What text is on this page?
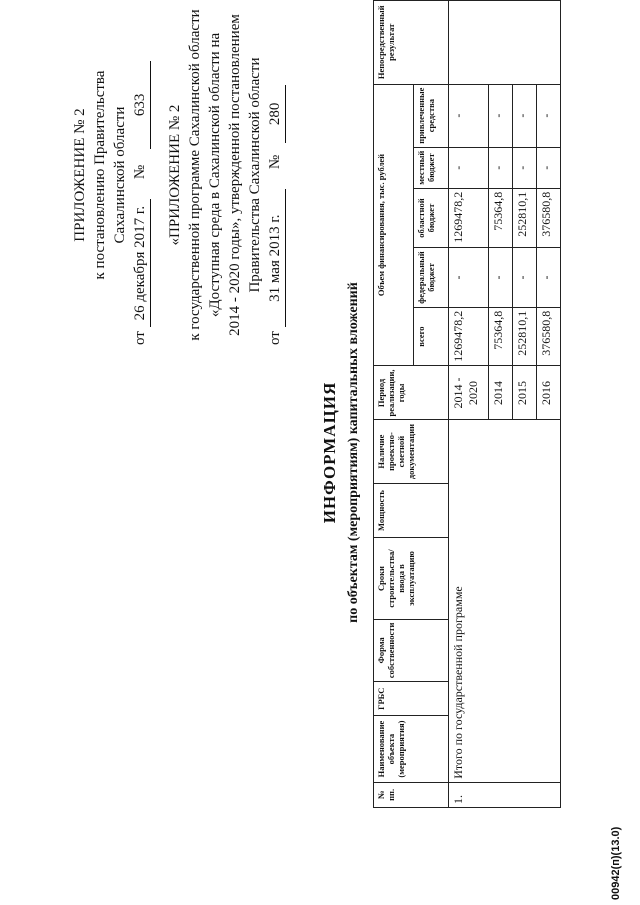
ПРИЛОЖЕНИЕ № 2 к постановлению Правительства Сахалинской области
от
26 декабря 2017 г.
№
633 «ПРИЛОЖЕНИЕ № 2 к государственной программе Сахалинской области «Доступная среда в Сахалинской области на 2014 - 2020 годы», утвержденной постановлением Правительства Сахалинской области
от
31 мая 2013 г.
№
280
ИНФОРМАЦИЯ по объектам (мероприятиям) капитальных вложений
№ пп.	Наименование объекта (мероприятия)	ГРБС	Форма собственности	Сроки строительства/ввода в эксплуатацию	Мощность	Наличие проектно-сметной документации	Период реализации, годы	Объем финансирования, тыс. рублей					Непосредственный результат
								всего	федеральный бюджет	областной бюджет	местный бюджет	привлеченные средства	
1.	Итого по государственной программе						2014 - 2020	1269478,2	-	1269478,2	-	-	
							2014	75364,8	-	75364,8	-	-	
							2015	252810,1	-	252810,1	-	-	
							2016	376580,8	-	376580,8	-	-	
00942(п)(13.0)
